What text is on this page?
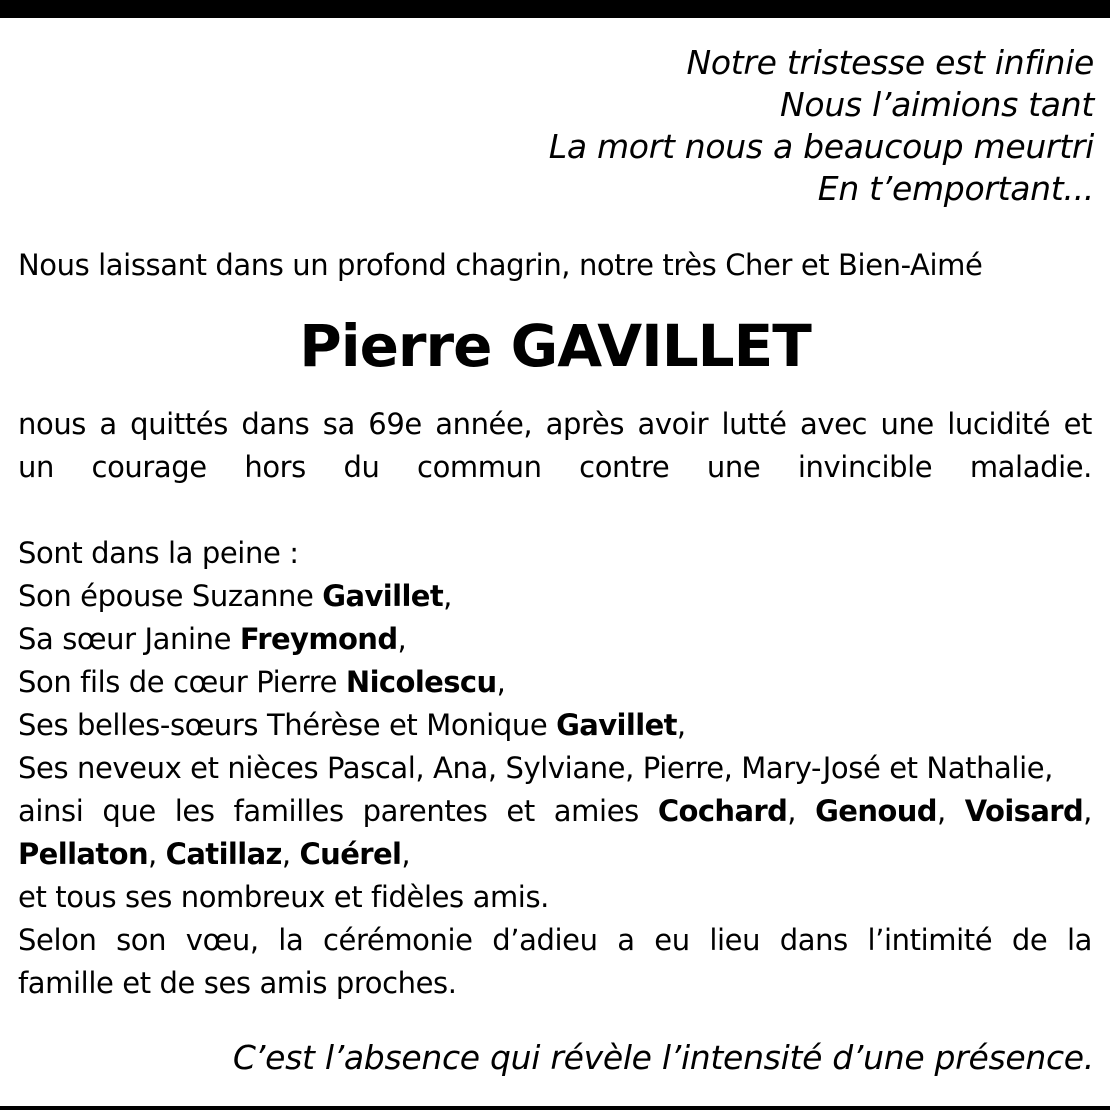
Notre tristesse est infinie
Nous l’aimions tant
La mort nous a beaucoup meurtri
En t’emportant...
Nous laissant dans un profond chagrin, notre très Cher et Bien-Aimé
Pierre GAVILLET
nous a quittés dans sa 69e année, après avoir lutté avec une lucidité et
un courage hors du commun contre une invincible maladie.
Sont dans la peine :
Son épouse Suzanne Gavillet,
Sa sœur Janine Freymond,
Son fils de cœur Pierre Nicolescu,
Ses belles-sœurs Thérèse et Monique Gavillet,
Ses neveux et nièces Pascal, Ana, Sylviane, Pierre, Mary-José et Nathalie,
ainsi que les familles parentes et amies Cochard, Genoud, Voisard,
Pellaton, Catillaz, Cuérel,
et tous ses nombreux et fidèles amis.
Selon son vœu, la cérémonie d’adieu a eu lieu dans l’intimité de la
famille et de ses amis proches.
C’est l’absence qui révèle l’intensité d’une présence.
